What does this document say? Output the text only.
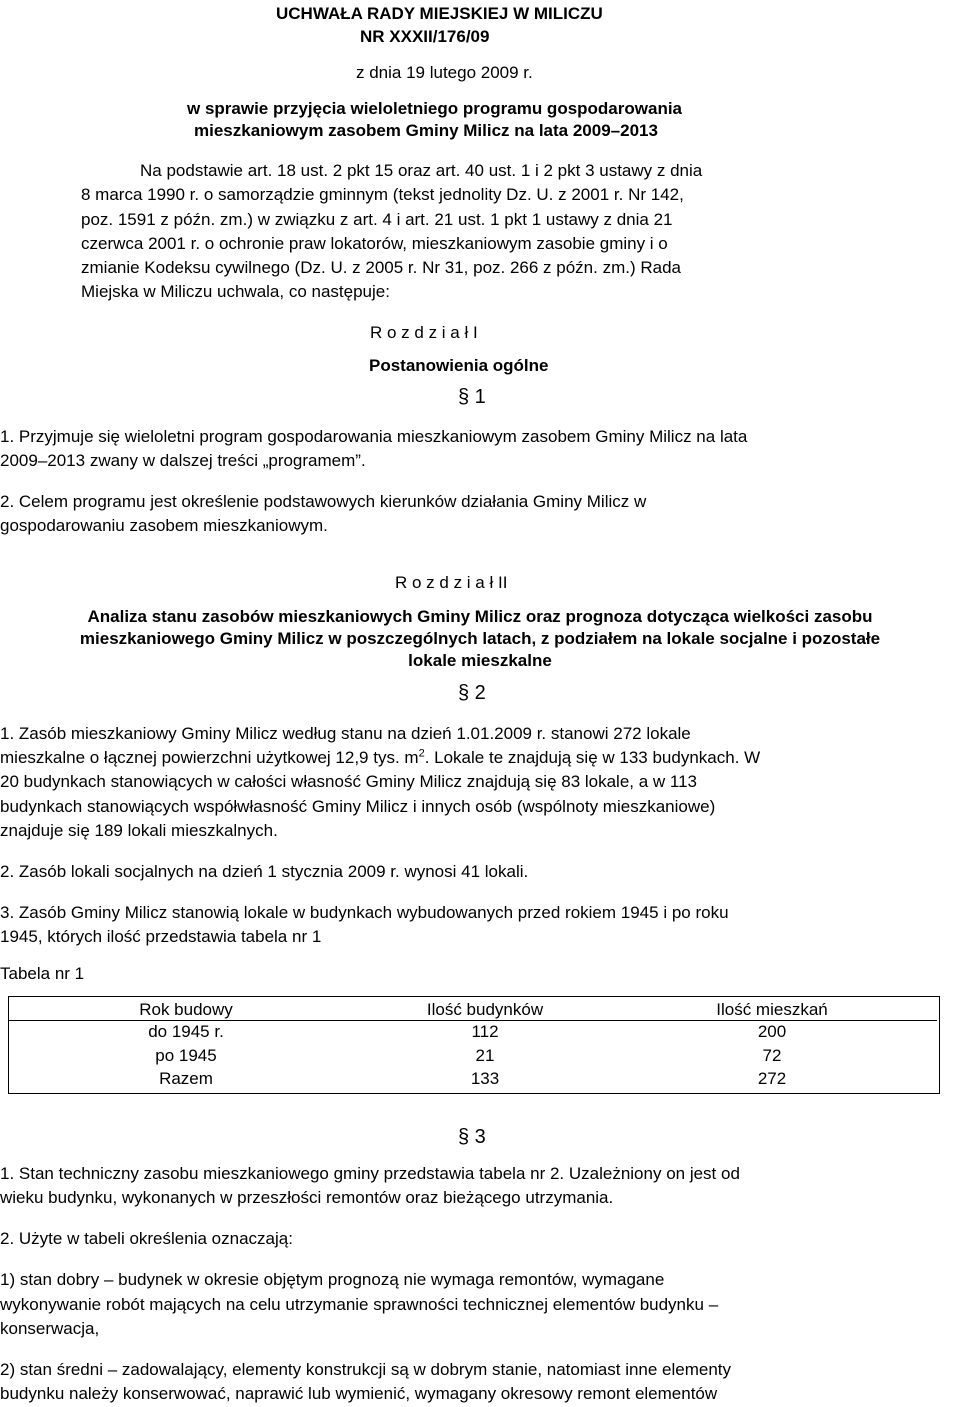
UCHWAŁA RADY MIEJSKIEJ W MILICZU
NR XXXII/176/09
z dnia 19 lutego 2009 r.
w sprawie przyjęcia wieloletniego programu gospodarowania
mieszkaniowym zasobem Gminy Milicz na lata 2009–2013
Na podstawie art. 18 ust. 2 pkt 15 oraz art. 40 ust. 1 i 2 pkt 3 ustawy z dnia
8 marca 1990 r. o samorządzie gminnym (tekst jednolity Dz. U. z 2001 r. Nr 142,
poz. 1591 z późn. zm.) w związku z art. 4 i art. 21 ust. 1 pkt 1 ustawy z dnia 21
czerwca 2001 r. o ochronie praw lokatorów, mieszkaniowym zasobie gminy i o
zmianie Kodeksu cywilnego (Dz. U. z 2005 r. Nr 31, poz. 266 z późn. zm.) Rada
Miejska w Miliczu uchwala, co następuje:
R o z d z i a ł I
Postanowienia ogólne
§ 1
1. Przyjmuje się wieloletni program gospodarowania mieszkaniowym zasobem Gminy Milicz na lata
2009–2013 zwany w dalszej treści „programem”.
2. Celem programu jest określenie podstawowych kierunków działania Gminy Milicz w
gospodarowaniu zasobem mieszkaniowym.
R o z d z i a ł II
Analiza stanu zasobów mieszkaniowych Gminy Milicz oraz prognoza dotycząca wielkości zasobu
mieszkaniowego Gminy Milicz w poszczególnych latach, z podziałem na lokale socjalne i pozostałe
lokale mieszkalne
§ 2
1. Zasób mieszkaniowy Gminy Milicz według stanu na dzień 1.01.2009 r. stanowi 272 lokale
mieszkalne o łącznej powierzchni użytkowej 12,9 tys. $m^2$. Lokale te znajdują się w 133 budynkach. W
20 budynkach stanowiących w całości własność Gminy Milicz znajdują się 83 lokale, a w 113
budynkach stanowiących współwłasność Gminy Milicz i innych osób (wspólnoty mieszkaniowe)
znajduje się 189 lokali mieszkalnych.
2. Zasób lokali socjalnych na dzień 1 stycznia 2009 r. wynosi 41 lokali.
3. Zasób Gminy Milicz stanowią lokale w budynkach wybudowanych przed rokiem 1945 i po roku
1945, których ilość przedstawia tabela nr 1
Tabela nr 1
Rok budowy	Ilość budynków	Ilość mieszkań
do 1945 r.	112	200
po 1945	21	72
Razem	133	272
§ 3
1. Stan techniczny zasobu mieszkaniowego gminy przedstawia tabela nr 2. Uzależniony on jest od
wieku budynku, wykonanych w przeszłości remontów oraz bieżącego utrzymania.
2. Użyte w tabeli określenia oznaczają:
1) stan dobry – budynek w okresie objętym prognozą nie wymaga remontów, wymagane
wykonywanie robót mających na celu utrzymanie sprawności technicznej elementów budynku –
konserwacja,
2) stan średni – zadowalający, elementy konstrukcji są w dobrym stanie, natomiast inne elementy
budynku należy konserwować, naprawić lub wymienić, wymagany okresowy remont elementów
